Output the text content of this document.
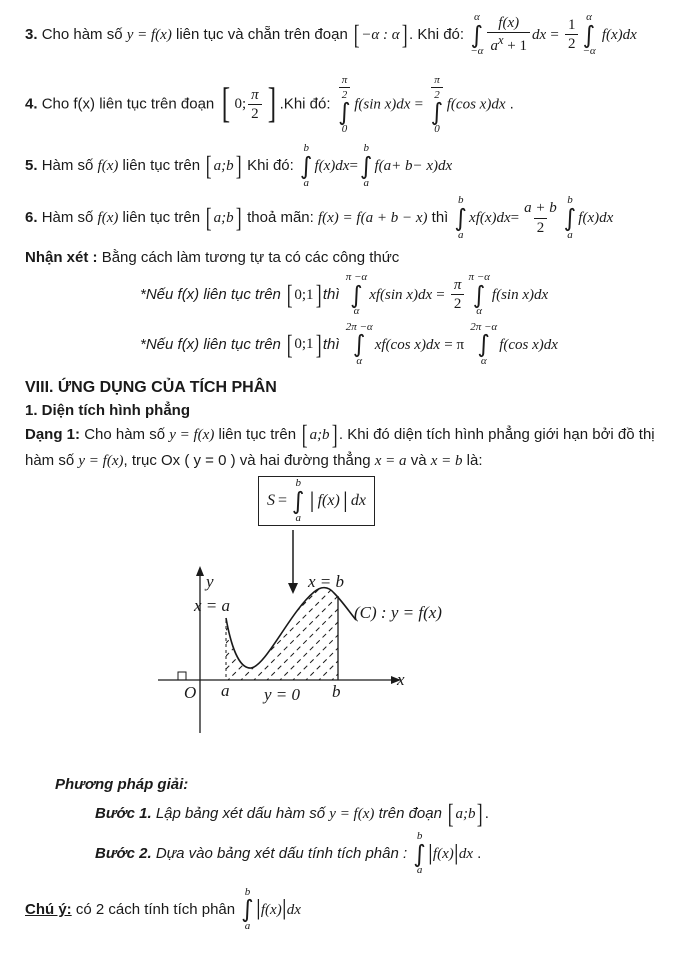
3. Cho hàm số y = f(x) liên tục và chẵn trên đoạn [ −α : α ] . Khi đó:
α
∫
$-\alpha \frac{f(x)}{a^x + 1}$ dx = $\frac{1}{2}$ α
∫
−α
f(x)dx
4. Cho f(x) liên tục trên đoạn [ 0; $\frac{\pi}{2}$ ] .Khi đó:
$\frac{\pi}{2}$
∫
0
f(sin x)dx =
$\frac{\pi}{2}$
∫
0
f(cos x)dx .
5. Hàm số f(x) liên tục trên [ a;b ] Khi đó:
b
∫
a
f(x)dx=
b
∫
a
f(a+ b− x)dx
6. Hàm số f(x) liên tục trên [ a;b ] thoả mãn: f(x) = f(a + b − x) thì
b
∫
a
$xf(x)dx= \frac{a + b}{2}$ b
∫
a
f(x)dx
Nhận xét : Bằng cách làm tương tự ta có các công thức
*Nếu f(x) liên tục trên [ 0;1 ] thì
π −α
∫
α
xf(sin $x)dx = \frac{\pi}{2}$ π −α
∫
α
f(sin x)dx
*Nếu f(x) liên tục trên [ 0;1 ] thì
2π −α
∫
α
xf(cos x)dx = π
2π −α
∫
α
f(cos x)dx
VIII. ỨNG DỤNG CỦA TÍCH PHÂN
1. Diện tích hình phẳng
Dạng 1: Cho hàm số y = f(x) liên tục trên [ a;b ] . Khi đó diện tích hình phẳng giới hạn bởi đồ thị
hàm số y = f(x), trục Ox ( y = 0 ) và hai đường thẳng x = a và x = b là:
S =
b
∫
a
| f(x) | dx
y
x
x = a
x = b
(C) : y = f(x)
O a y = 0 b
Phương pháp giải:
Bước 1. Lập bảng xét dấu hàm số y = f(x) trên đoạn [ a;b ] .
Bước 2. Dựa vào bảng xét dấu tính tích phân :
b
∫
a
|f(x)|dx .
Chú ý: có 2 cách tính tích phân
b
∫
a
|f(x)|dx
